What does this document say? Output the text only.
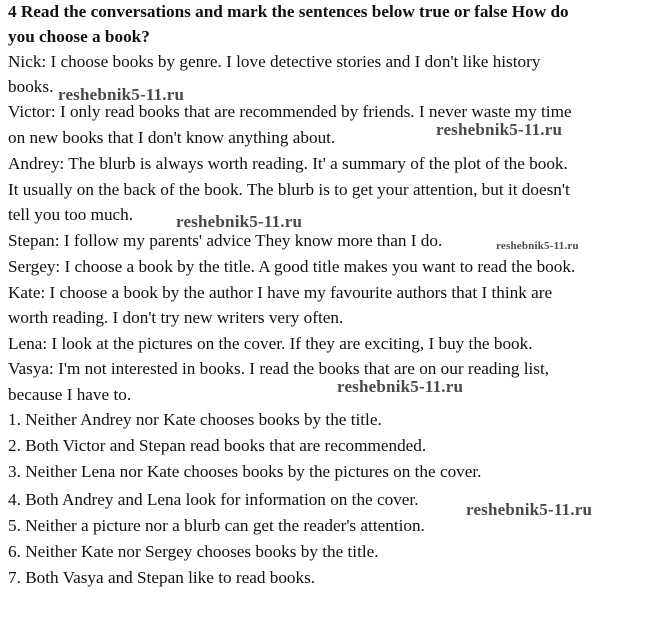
4 Read the conversations and mark the sentences below true or false How do
you choose a book?
Nick: I choose books by genre. I love detective stories and I don't like history
books.
Victor: I only read books that are recommended by friends. I never waste my time
on new books that I don't know anything about.
Andrey: The blurb is always worth reading. It' a summary of the plot of the book.
It usually on the back of the book. The blurb is to get your attention, but it doesn't
tell you too much.
Stepan: I follow my parents' advice They know more than I do.
Sergey: I choose a book by the title. A good title makes you want to read the book.
Kate: I choose a book by the author I have my favourite authors that I think are
worth reading. I don't try new writers very often.
Lena: I look at the pictures on the cover. If they are exciting, I buy the book.
Vasya: I'm not interested in books. I read the books that are on our reading list,
because I have to.
1. Neither Andrey nor Kate chooses books by the title.
2. Both Victor and Stepan read books that are recommended.
3. Neither Lena nor Kate chooses books by the pictures on the cover.
4. Both Andrey and Lena look for information on the cover.
5. Neither a picture nor a blurb can get the reader's attention.
6. Neither Kate nor Sergey chooses books by the title.
7. Both Vasya and Stepan like to read books.
reshebnik5-11.ru
reshebnik5-11.ru
reshebnik5-11.ru
reshebnik5-11.ru
reshebnik5-11.ru
reshebnik5-11.ru
